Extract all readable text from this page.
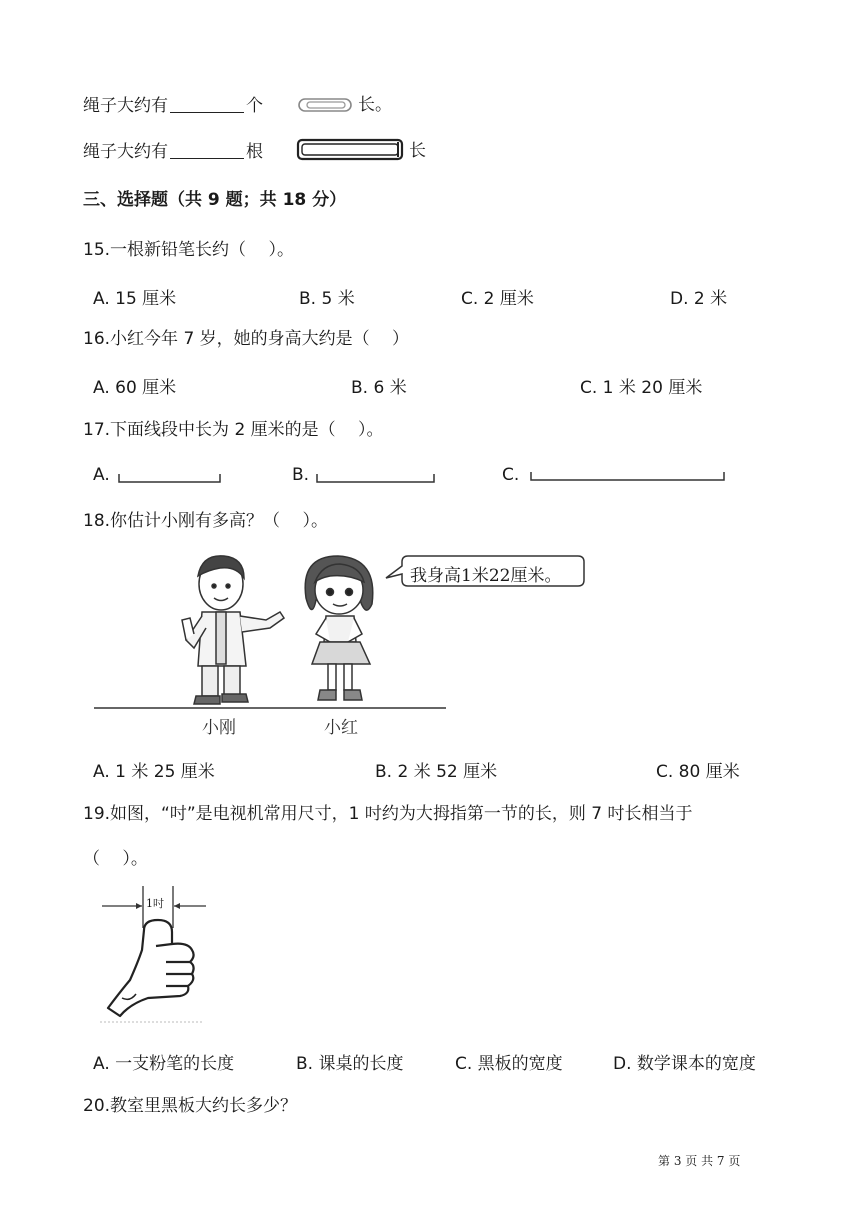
绳子大约有	个	长。
绳子大约有	根	长
三、选择题（共 9 题；共 18 分）
15.一根新铅笔长约（　 ）。
A. 15 厘米	B. 5 米	C. 2 厘米	D. 2 米
16.小红今年 7 岁，她的身高大约是（　 ）
A. 60 厘米	B. 6 米	C. 1 米 20 厘米
17.下面线段中长为 2 厘米的是（　 ）。
A.	B.	C.
18.你估计小刚有多高？（　 ）。
我身高1米22厘米。
小刚	小红
A. 1 米 25 厘米	B. 2 米 52 厘米	C. 80 厘米
19.如图，“吋”是电视机常用尺寸，1 吋约为大拇指第一节的长，则 7 吋长相当于
（　 ）。
1吋
A. 一支粉笔的长度	B. 课桌的长度	C. 黑板的宽度	D. 数学课本的宽度
20.教室里黑板大约长多少？
第 3 页 共 7 页
